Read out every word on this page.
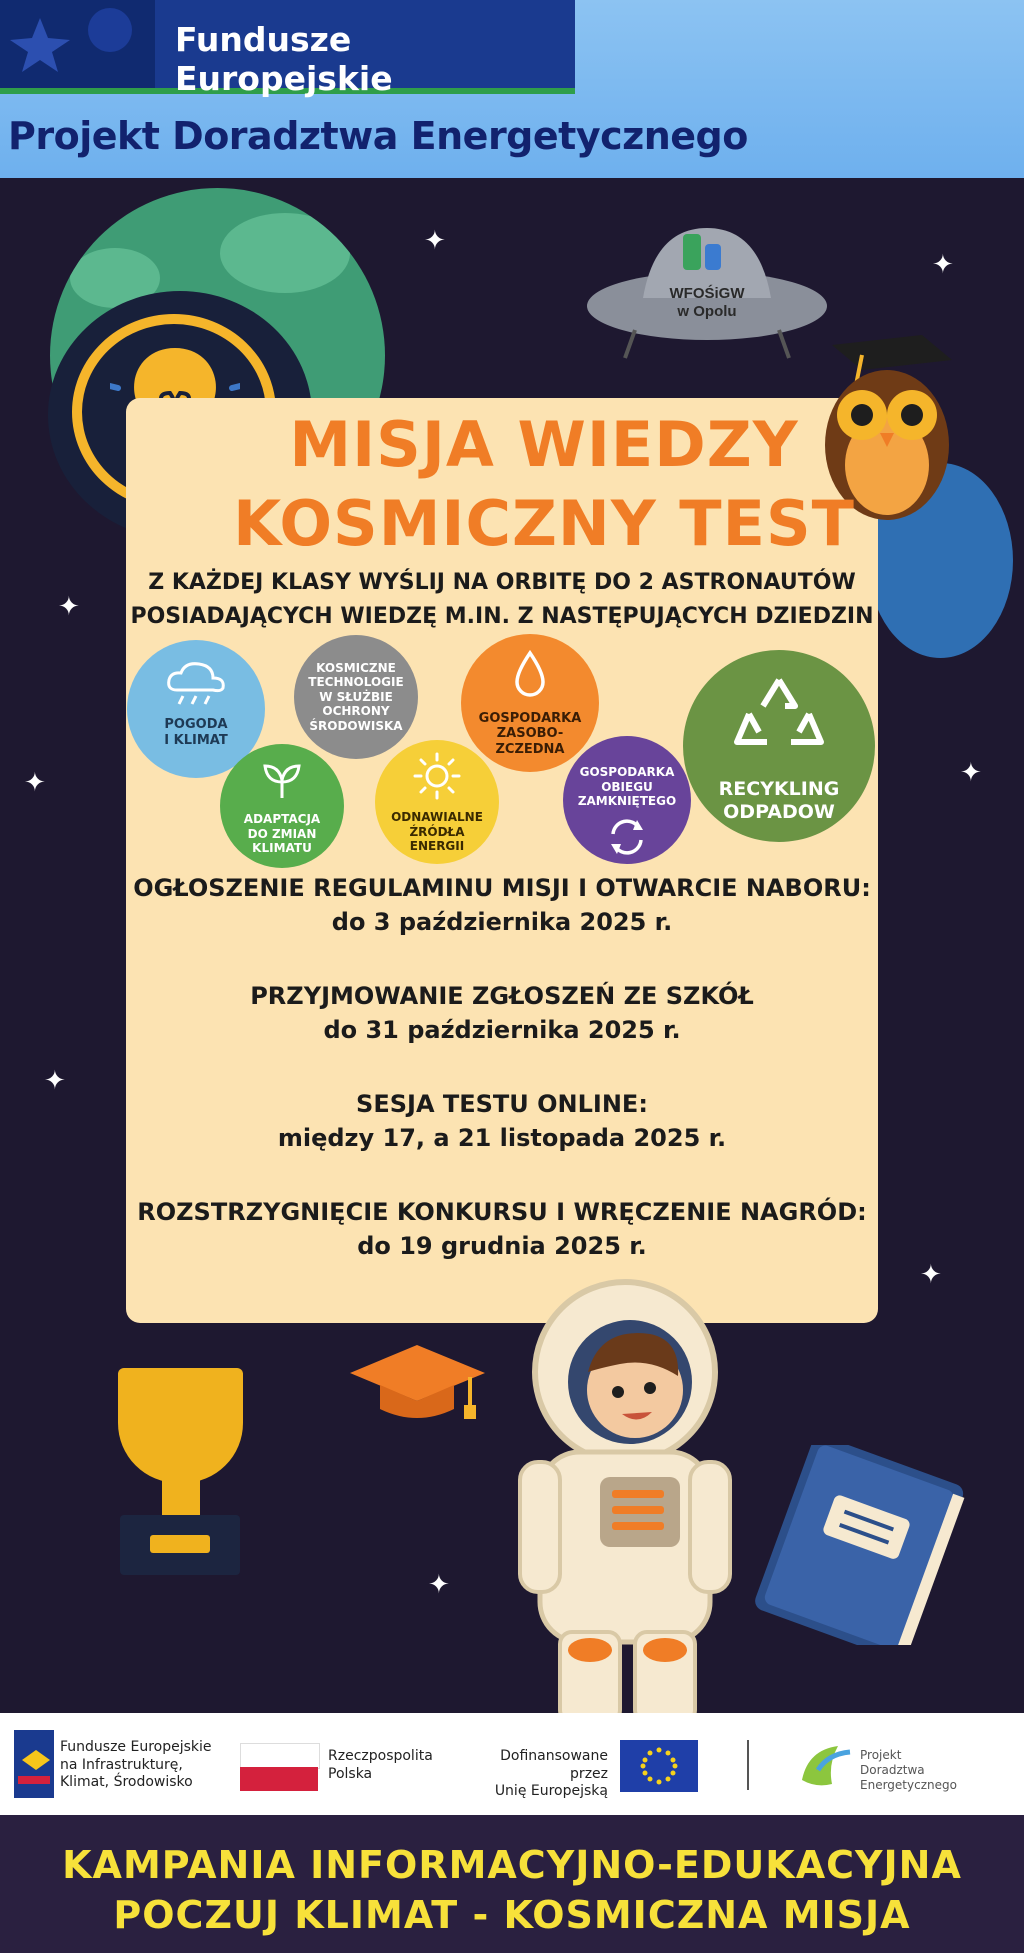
Fundusze Europejskie
Projekt Doradztwa Energetycznego
✦
✦
✦
✦	✦
✦
✦
✦
WFOŚiGW
w Opolu
MISJA WIEDZY
KOSMICZNY TEST
Z KAŻDEJ KLASY WYŚLIJ NA ORBITĘ DO 2 ASTRONAUTÓW
POSIADAJĄCYCH WIEDZĘ M.IN. Z NASTĘPUJĄCYCH DZIEDZIN
POGODA
I KLIMAT
KOSMICZNE
TECHNOLOGIE
W SŁUŻBIE
OCHRONY
ŚRODOWISKA	GOSPODARKA
ZASOBO-
ZCZEDNA
RECYKLING
ODPADOW
ADAPTACJA
DO ZMIAN
KLIMATU
ODNAWIALNE
ŹRÓDŁA
ENERGII
GOSPODARKA
OBIEGU
ZAMKNIĘTEGO
OGŁOSZENIE REGULAMINU MISJI I OTWARCIE NABORU:
do 3 października 2025 r.
PRZYJMOWANIE ZGŁOSZEŃ ZE SZKÓŁ
do 31 października 2025 r.
SESJA TESTU ONLINE:
między 17, a 21 listopada 2025 r.
ROZSTRZYGNIĘCIE KONKURSU I WRĘCZENIE NAGRÓD:
do 19 grudnia 2025 r.
Fundusze Europejskie
na Infrastrukturę,
Klimat, Środowisko
Rzeczpospolita
Polska
Dofinansowane przez
Unię Europejską
Projekt
Doradztwa Energetycznego
KAMPANIA INFORMACYJNO-EDUKACYJNA
POCZUJ KLIMAT - KOSMICZNA MISJA
